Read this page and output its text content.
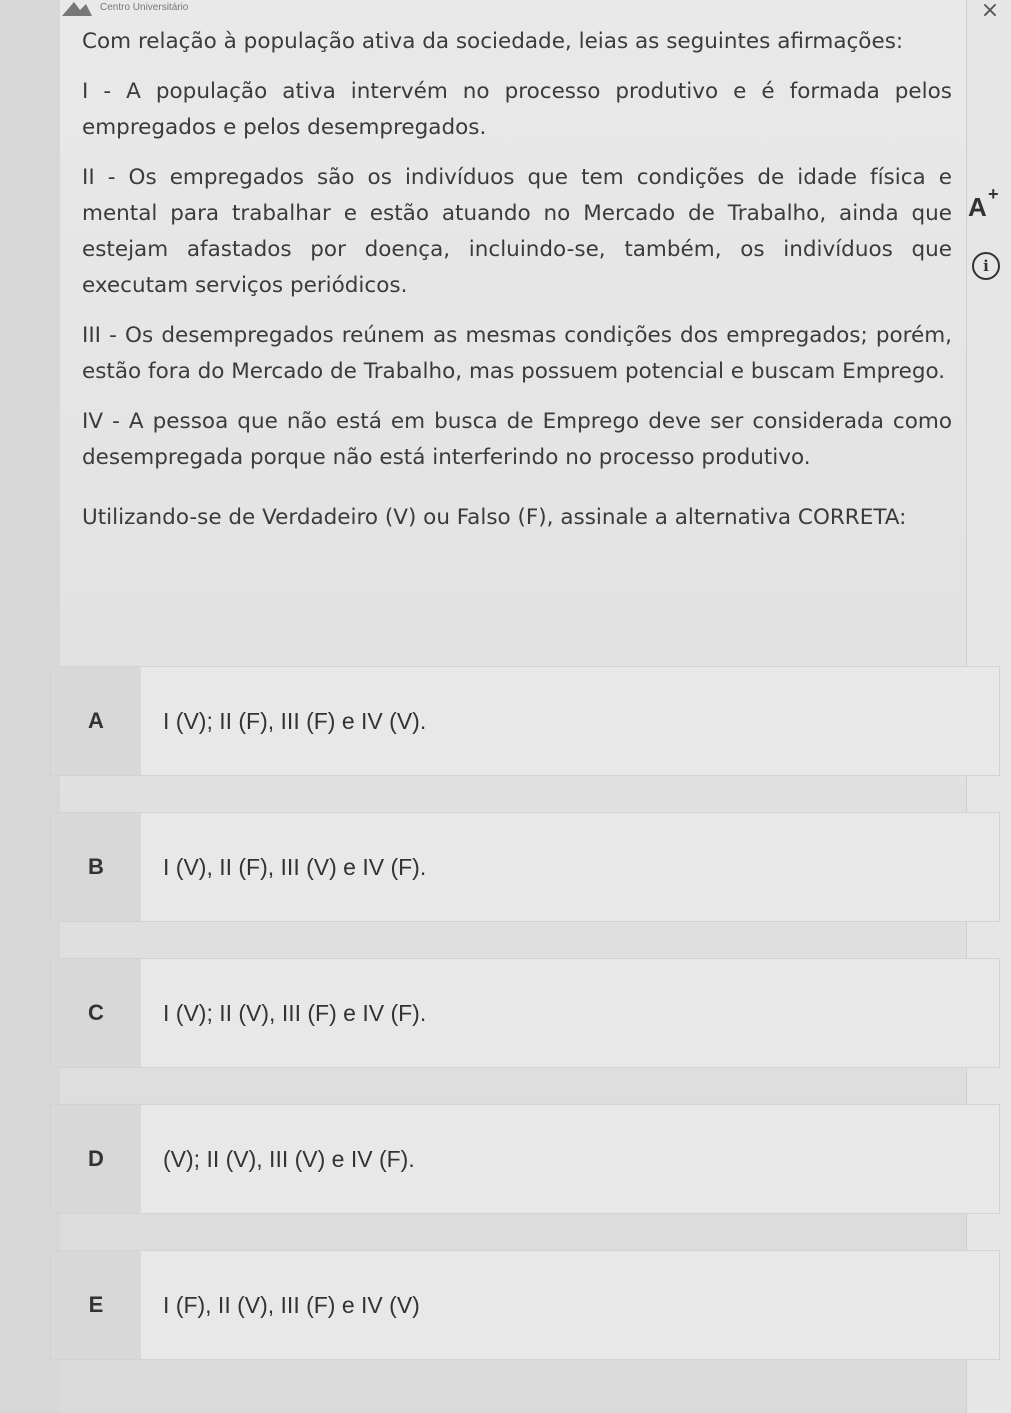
Centro Universitário	×
A +
i

Com relação à população ativa da sociedade, leias as seguintes afirmações:

I - A população ativa intervém no processo produtivo e é formada pelos empregados e pelos desempregados.

II - Os empregados são os indivíduos que tem condições de idade física e mental para trabalhar e estão atuando no Mercado de Trabalho, ainda que estejam afastados por doença, incluindo-se, também, os indivíduos que executam serviços periódicos.

III - Os desempregados reúnem as mesmas condições dos empregados; porém, estão fora do Mercado de Trabalho, mas possuem potencial e buscam Emprego.

IV - A pessoa que não está em busca de Emprego deve ser considerada como desempregada porque não está interferindo no processo produtivo.

Utilizando-se de Verdadeiro (V) ou Falso (F), assinale a alternativa CORRETA:

A	I (V); II (F), III (F) e IV (V).
B	I (V), II (F), III (V) e IV (F).
C	I (V); II (V), III (F) e IV (F).
D	(V); II (V), III (V) e IV (F).
E	I (F), II (V), III (F) e IV (V)
